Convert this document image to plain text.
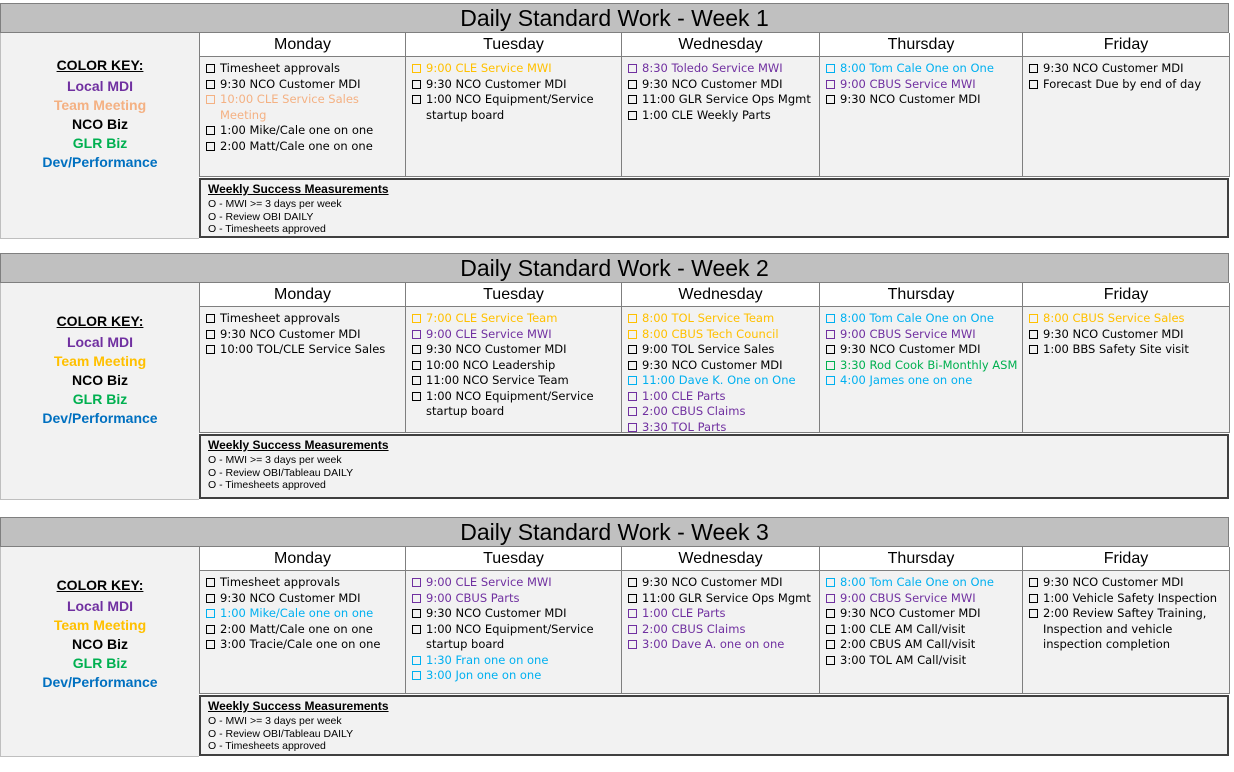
Daily Standard Work - Week 1
COLOR KEY:
Local MDI
Team Meeting
NCO Biz
GLR Biz
Dev/Performance
Monday
Timesheet approvals
9:30 NCO Customer MDI
10:00 CLE Service Sales Meeting
1:00 Mike/Cale one on one
2:00 Matt/Cale one on one
Tuesday
9:00 CLE Service MWI
9:30 NCO Customer MDI
1:00 NCO Equipment/Service startup board
Wednesday
8:30 Toledo Service MWI
9:30 NCO Customer MDI
11:00 GLR Service Ops Mgmt
1:00 CLE Weekly Parts
Thursday
8:00 Tom Cale One on One
9:00 CBUS Service MWI
9:30 NCO Customer MDI
Friday
9:30 NCO Customer MDI
Forecast Due by end of day
Weekly Success Measurements
O - MWI >= 3 days per week
O - Review OBI DAILY
O - Timesheets approved
Daily Standard Work - Week 2
COLOR KEY:
Local MDI
Team Meeting
NCO Biz
GLR Biz
Dev/Performance
Monday
Timesheet approvals
9:30 NCO Customer MDI
10:00 TOL/CLE Service Sales
Tuesday
7:00 CLE Service Team
9:00 CLE Service MWI
9:30 NCO Customer MDI
10:00 NCO Leadership
11:00 NCO Service Team
1:00 NCO Equipment/Service startup board
Wednesday
8:00 TOL Service Team
8:00 CBUS Tech Council
9:00 TOL Service Sales
9:30 NCO Customer MDI
11:00 Dave K. One on One
1:00 CLE Parts
2:00 CBUS Claims
3:30 TOL Parts
Thursday
8:00 Tom Cale One on One
9:00 CBUS Service MWI
9:30 NCO Customer MDI
3:30 Rod Cook Bi-Monthly ASM
4:00 James one on one
Friday
8:00 CBUS Service Sales
9:30 NCO Customer MDI
1:00 BBS Safety Site visit
Weekly Success Measurements
O - MWI >= 3 days per week
O - Review OBI/Tableau DAILY
O - Timesheets approved
Daily Standard Work - Week 3
COLOR KEY:
Local MDI
Team Meeting
NCO Biz
GLR Biz
Dev/Performance
Monday
Timesheet approvals
9:30 NCO Customer MDI
1:00 Mike/Cale one on one
2:00 Matt/Cale one on one
3:00 Tracie/Cale one on one
Tuesday
9:00 CLE Service MWI
9:00 CBUS Parts
9:30 NCO Customer MDI
1:00 NCO Equipment/Service startup board
1:30 Fran one on one
3:00 Jon one on one
Wednesday
9:30 NCO Customer MDI
11:00 GLR Service Ops Mgmt
1:00 CLE Parts
2:00 CBUS Claims
3:00 Dave A. one on one
Thursday
8:00 Tom Cale One on One
9:00 CBUS Service MWI
9:30 NCO Customer MDI
1:00 CLE AM Call/visit
2:00 CBUS AM Call/visit
3:00 TOL AM Call/visit
Friday
9:30 NCO Customer MDI
1:00 Vehicle Safety Inspection
2:00 Review Saftey Training, Inspection and vehicle inspection completion
Weekly Success Measurements
O - MWI >= 3 days per week
O - Review OBI/Tableau DAILY
O - Timesheets approved
